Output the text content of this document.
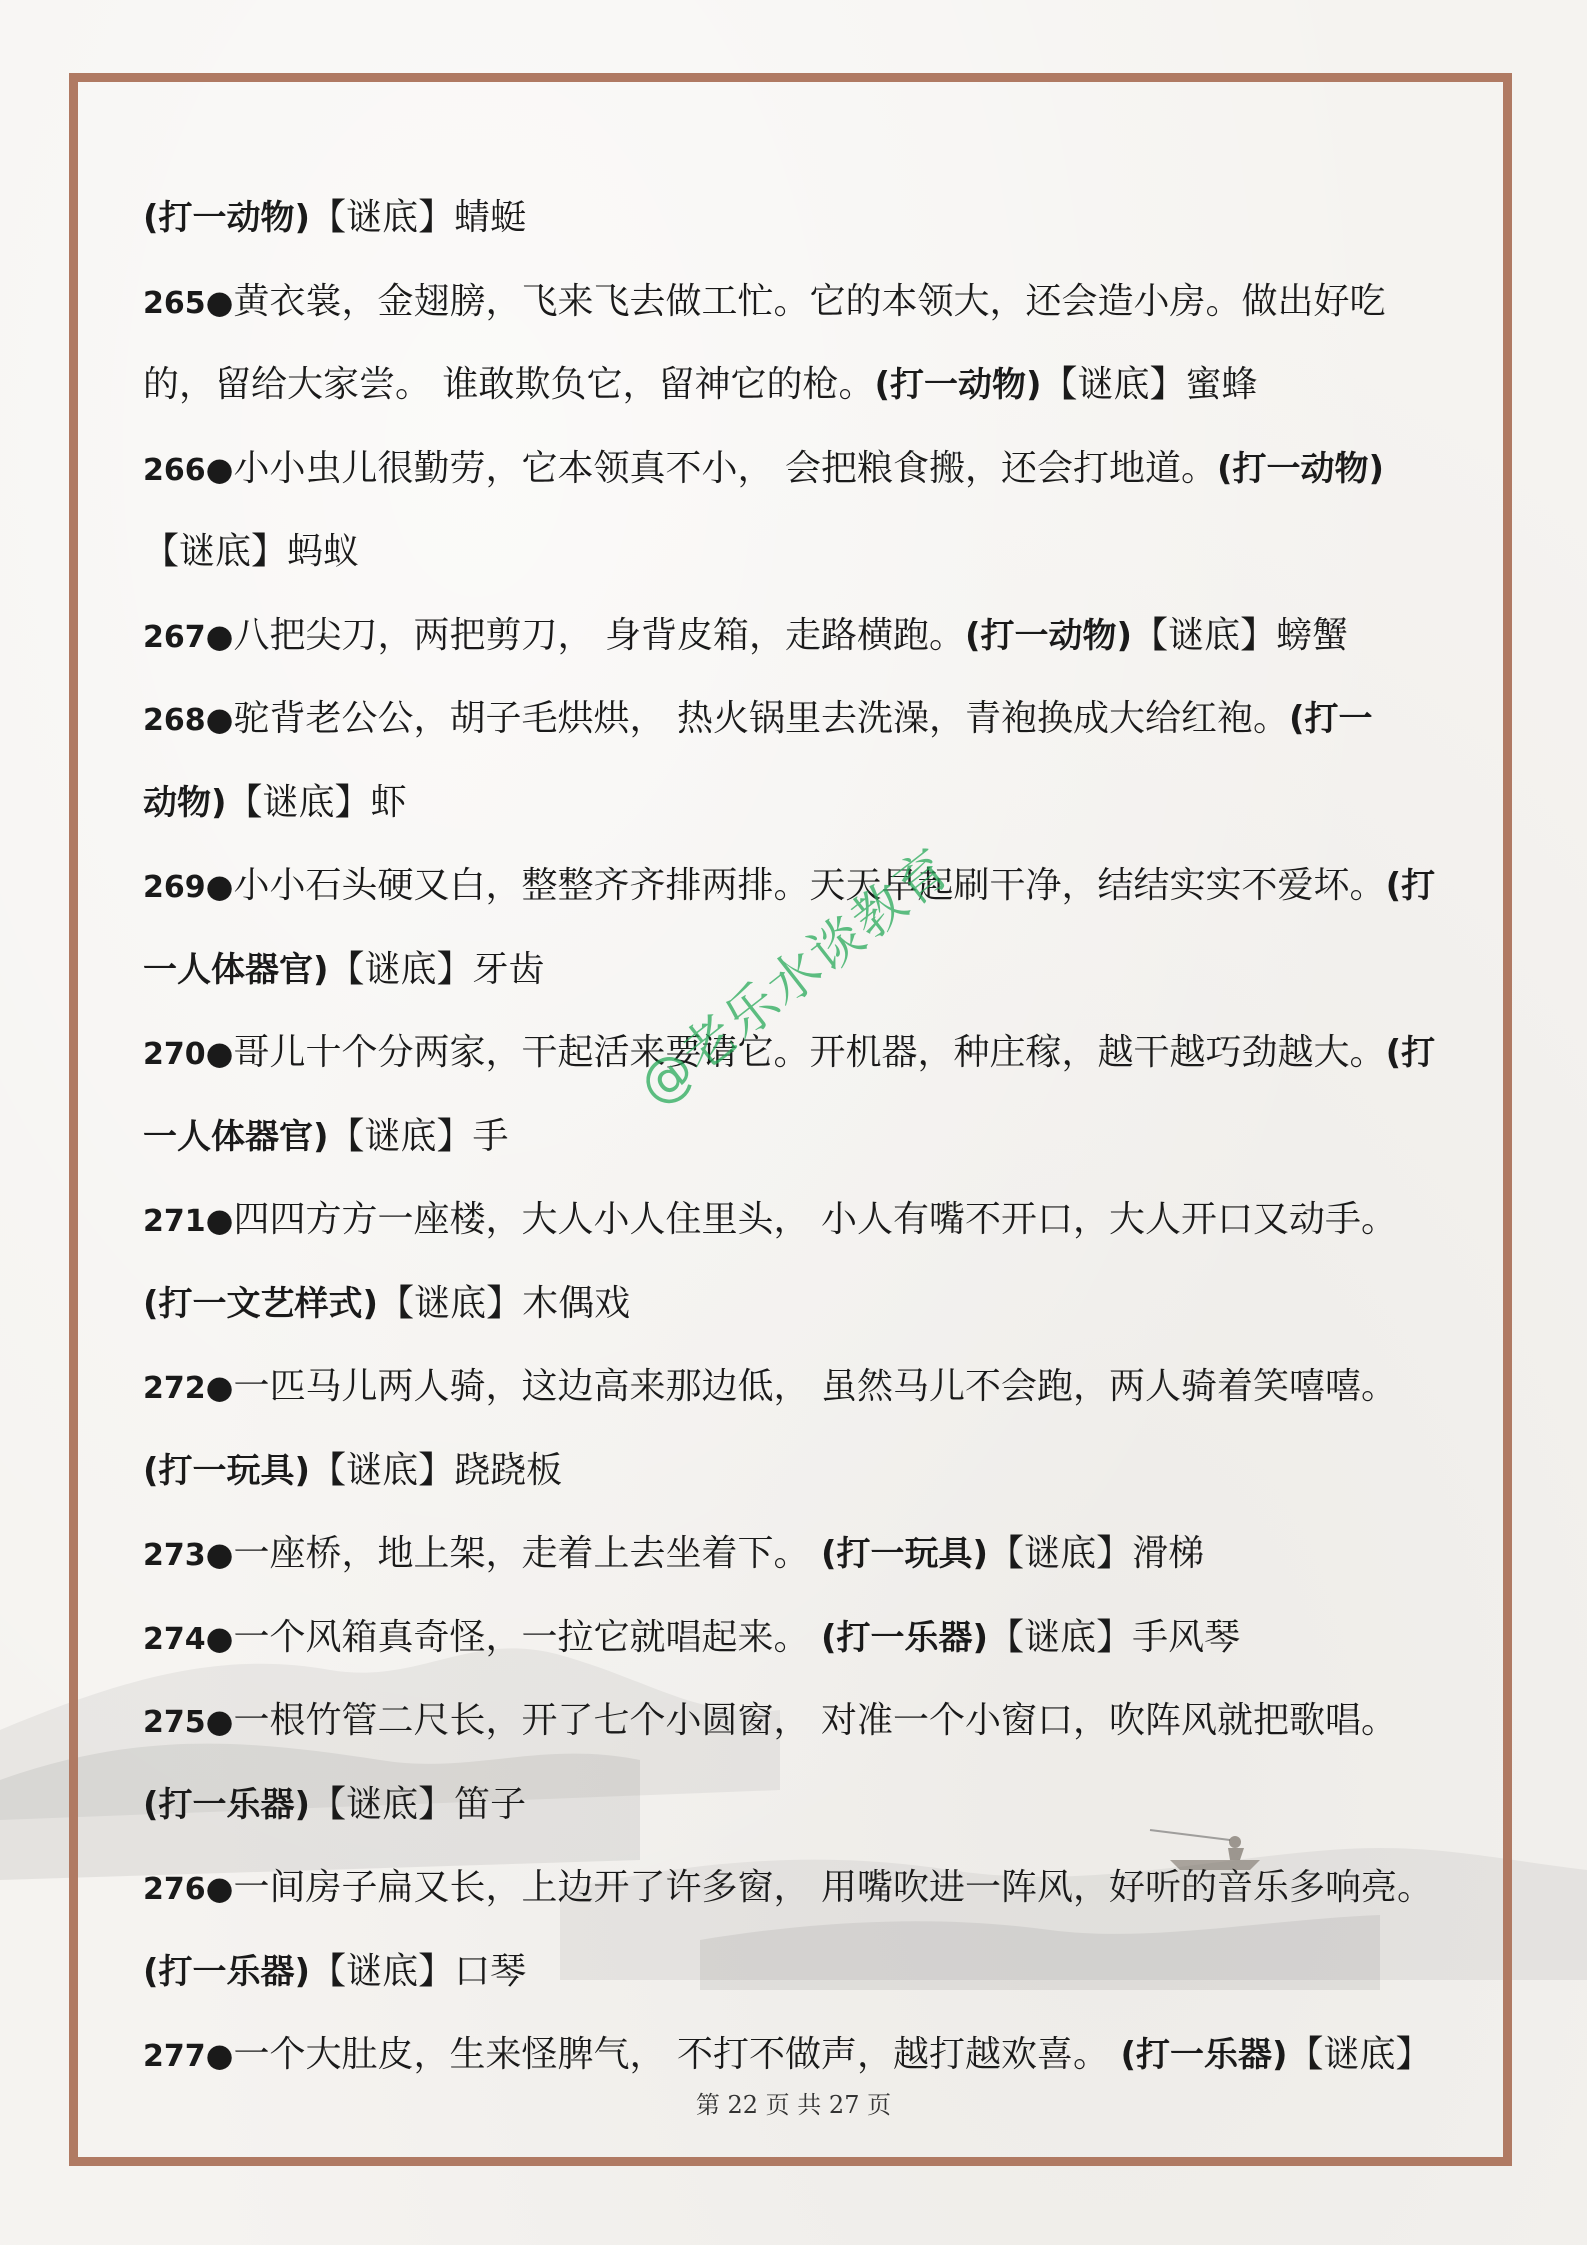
(打一动物)【谜底】蜻蜓
265●黄衣裳，金翅膀，飞来飞去做工忙。它的本领大，还会造小房。做出好吃
的，留给大家尝。 谁敢欺负它，留神它的枪。(打一动物)【谜底】蜜蜂
266●小小虫儿很勤劳，它本领真不小， 会把粮食搬，还会打地道。(打一动物)
【谜底】蚂蚁
267●八把尖刀，两把剪刀， 身背皮箱，走路横跑。(打一动物)【谜底】螃蟹
268●驼背老公公，胡子毛烘烘， 热火锅里去洗澡，青袍换成大给红袍。(打一
动物)【谜底】虾
269●小小石头硬又白，整整齐齐排两排。天天早起刷干净，结结实实不爱坏。(打
一人体器官)【谜底】牙齿
270●哥儿十个分两家，干起活来要请它。开机器，种庄稼，越干越巧劲越大。(打
一人体器官)【谜底】手
271●四四方方一座楼，大人小人住里头， 小人有嘴不开口，大人开口又动手。
(打一文艺样式)【谜底】木偶戏
272●一匹马儿两人骑，这边高来那边低， 虽然马儿不会跑，两人骑着笑嘻嘻。
(打一玩具)【谜底】跷跷板
273●一座桥，地上架，走着上去坐着下。 (打一玩具)【谜底】滑梯
274●一个风箱真奇怪，一拉它就唱起来。 (打一乐器)【谜底】手风琴
275●一根竹管二尺长，开了七个小圆窗， 对准一个小窗口，吹阵风就把歌唱。
(打一乐器)【谜底】笛子
276●一间房子扁又长，上边开了许多窗， 用嘴吹进一阵风，好听的音乐多响亮。
(打一乐器)【谜底】口琴
277●一个大肚皮，生来怪脾气， 不打不做声，越打越欢喜。 (打一乐器)【谜底】
@老乐水谈教育
第 22 页 共 27 页
